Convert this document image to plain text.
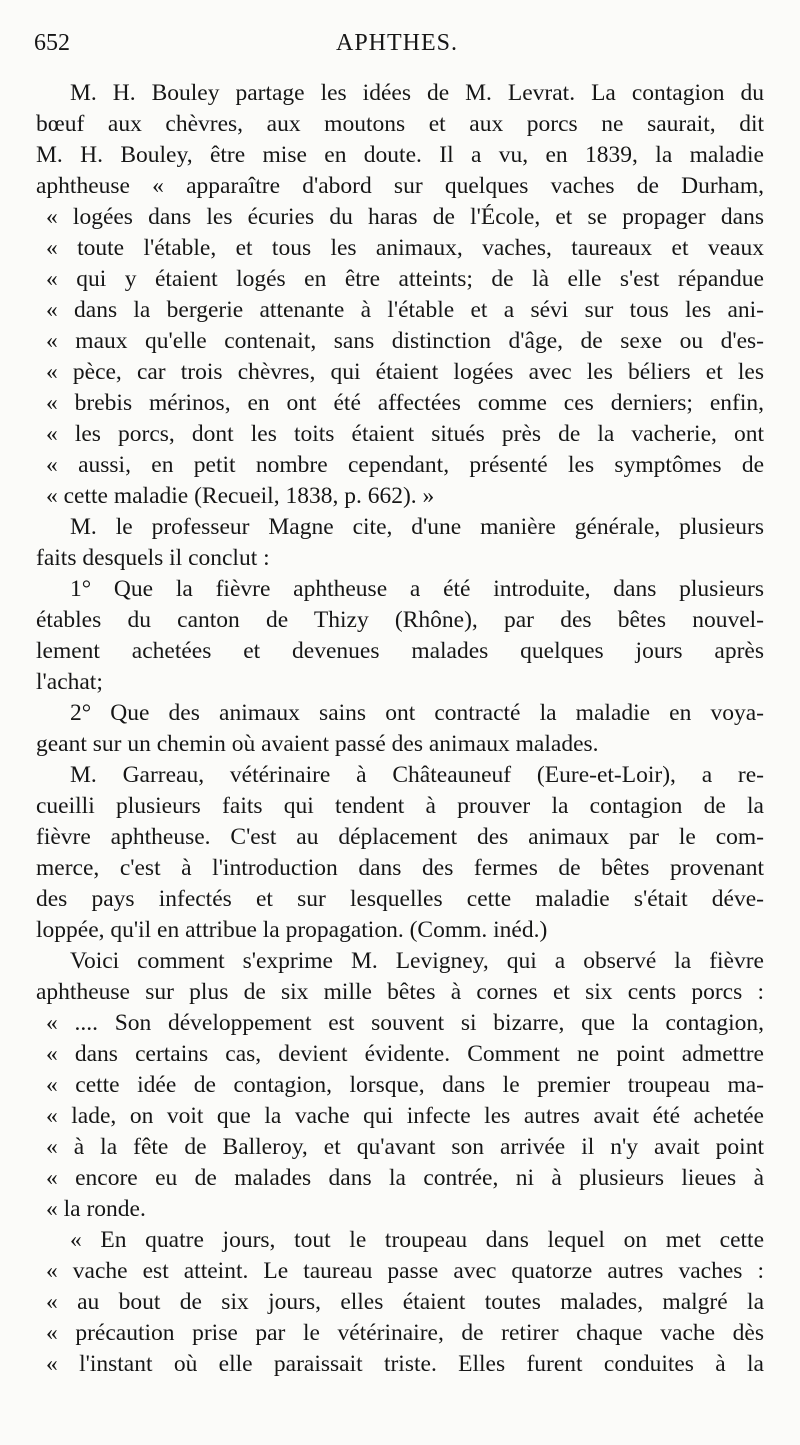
652	APHTHES.
M. H. Bouley partage les idées de M. Levrat. La contagion du
bœuf aux chèvres, aux moutons et aux porcs ne saurait, dit
M. H. Bouley, être mise en doute. Il a vu, en 1839, la maladie
aphtheuse « apparaître d'abord sur quelques vaches de Durham,
« logées dans les écuries du haras de l'École, et se propager dans
« toute l'étable, et tous les animaux, vaches, taureaux et veaux
« qui y étaient logés en être atteints; de là elle s'est répandue
« dans la bergerie attenante à l'étable et a sévi sur tous les ani-
« maux qu'elle contenait, sans distinction d'âge, de sexe ou d'es-
« pèce, car trois chèvres, qui étaient logées avec les béliers et les
« brebis mérinos, en ont été affectées comme ces derniers; enfin,
« les porcs, dont les toits étaient situés près de la vacherie, ont
« aussi, en petit nombre cependant, présenté les symptômes de
« cette maladie (Recueil, 1838, p. 662). »
M. le professeur Magne cite, d'une manière générale, plusieurs
faits desquels il conclut :
1° Que la fièvre aphtheuse a été introduite, dans plusieurs
étables du canton de Thizy (Rhône), par des bêtes nouvel-
lement achetées et devenues malades quelques jours après
l'achat;
2° Que des animaux sains ont contracté la maladie en voya-
geant sur un chemin où avaient passé des animaux malades.
M. Garreau, vétérinaire à Châteauneuf (Eure-et-Loir), a re-
cueilli plusieurs faits qui tendent à prouver la contagion de la
fièvre aphtheuse. C'est au déplacement des animaux par le com-
merce, c'est à l'introduction dans des fermes de bêtes provenant
des pays infectés et sur lesquelles cette maladie s'était déve-
loppée, qu'il en attribue la propagation. (Comm. inéd.)
Voici comment s'exprime M. Levigney, qui a observé la fièvre
aphtheuse sur plus de six mille bêtes à cornes et six cents porcs :
« .... Son développement est souvent si bizarre, que la contagion,
« dans certains cas, devient évidente. Comment ne point admettre
« cette idée de contagion, lorsque, dans le premier troupeau ma-
« lade, on voit que la vache qui infecte les autres avait été achetée
« à la fête de Balleroy, et qu'avant son arrivée il n'y avait point
« encore eu de malades dans la contrée, ni à plusieurs lieues à
« la ronde.
« En quatre jours, tout le troupeau dans lequel on met cette
« vache est atteint. Le taureau passe avec quatorze autres vaches :
« au bout de six jours, elles étaient toutes malades, malgré la
« précaution prise par le vétérinaire, de retirer chaque vache dès
« l'instant où elle paraissait triste. Elles furent conduites à la
